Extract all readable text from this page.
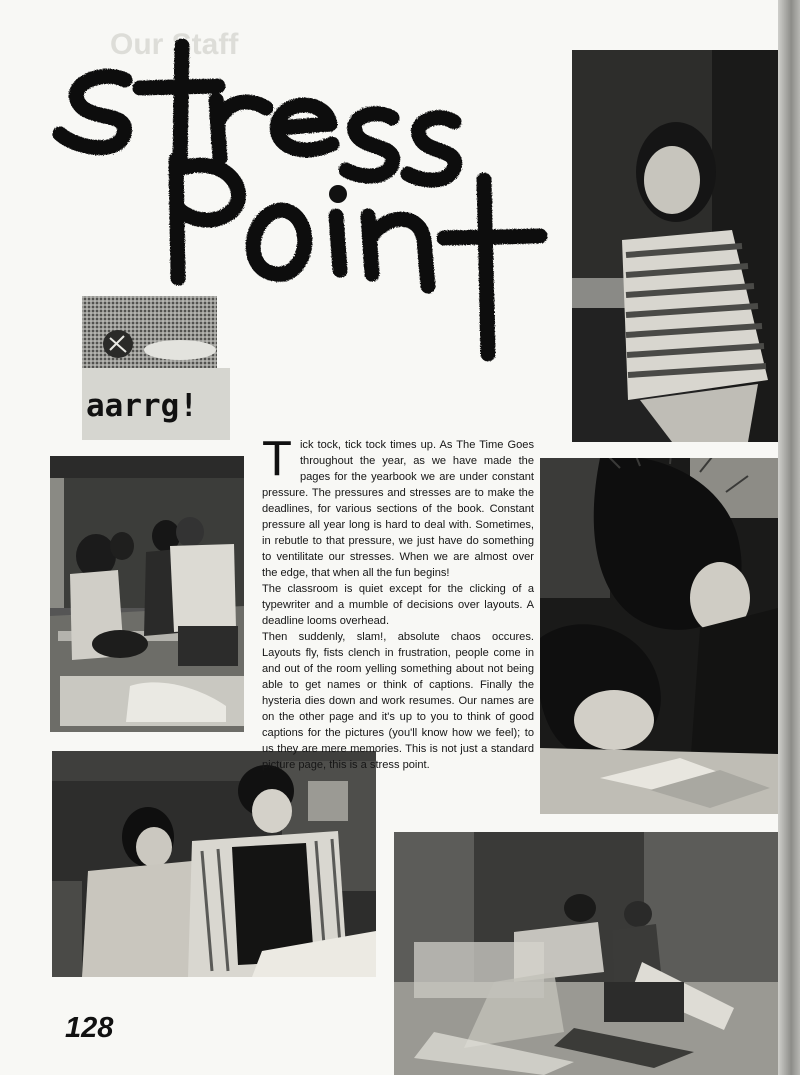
Our Staff
aarrg!
T ick tock, tick tock times up. As The Time Goes throughout the year, as we have made the pages for the yearbook we are under constant pressure. The pressures and stresses are to make the deadlines, for various sections of the book. Constant pressure all year long is hard to deal with. Sometimes, in rebutle to that pressure, we just have do something to ventilitate our stresses. When we are almost over the edge, that when all the fun begins!

The classroom is quiet except for the clicking of a typewriter and a mumble of decisions over layouts. A deadline looms overhead.

Then suddenly, slam!, absolute chaos occures. Layouts fly, fists clench in frustration, people come in and out of the room yelling something about not being able to get names or think of captions. Finally the hysteria dies down and work resumes. Our names are on the other page and it's up to you to think of good captions for the pictures (you'll know how we feel); to us they are mere memories. This is not just a standard picture page, this is a stress point.

128
